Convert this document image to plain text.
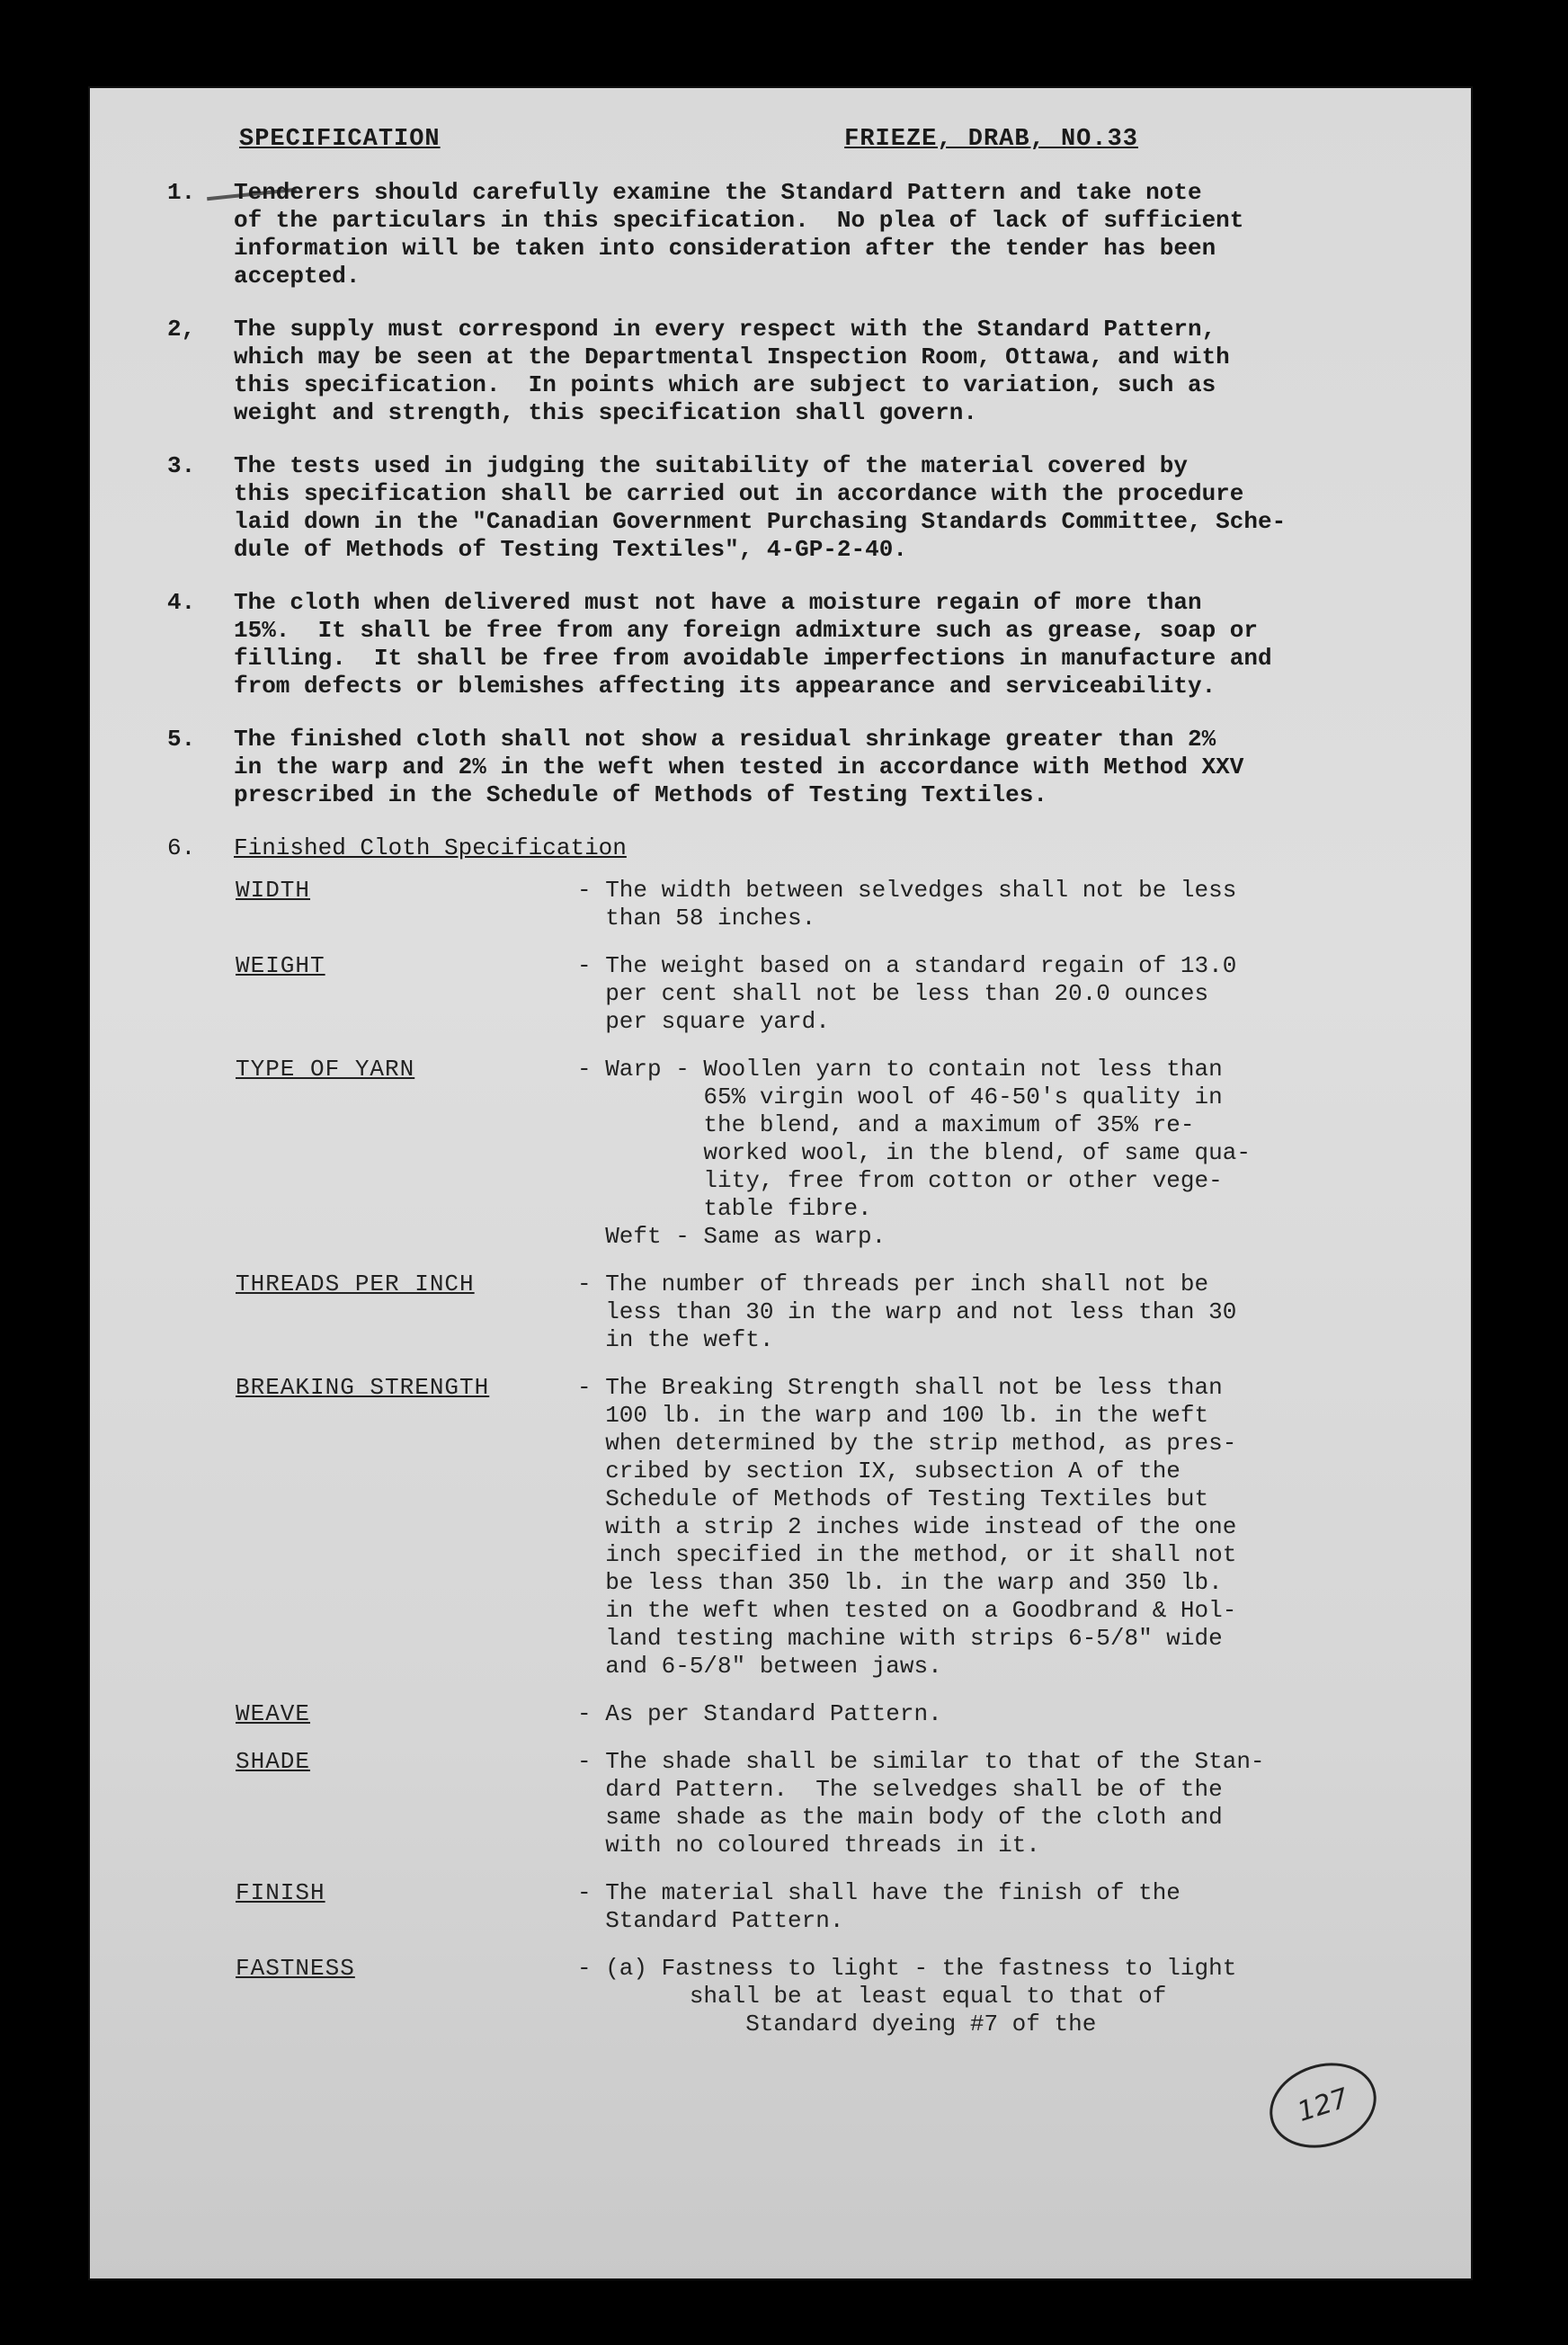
SPECIFICATION	FRIEZE, DRAB, NO.33
1.	Tenderers should carefully examine the Standard Pattern and take note
of the particulars in this specification.  No plea of lack of sufficient
information will be taken into consideration after the tender has been
accepted.
2,	The supply must correspond in every respect with the Standard Pattern,
which may be seen at the Departmental Inspection Room, Ottawa, and with
this specification.  In points which are subject to variation, such as
weight and strength, this specification shall govern.
3.	The tests used in judging the suitability of the material covered by
this specification shall be carried out in accordance with the procedure
laid down in the "Canadian Government Purchasing Standards Committee, Sche-
dule of Methods of Testing Textiles", 4-GP-2-40.
4.	The cloth when delivered must not have a moisture regain of more than
15%.  It shall be free from any foreign admixture such as grease, soap or
filling.  It shall be free from avoidable imperfections in manufacture and
from defects or blemishes affecting its appearance and serviceability.
5.	The finished cloth shall not show a residual shrinkage greater than 2%
in the warp and 2% in the weft when tested in accordance with Method XXV
prescribed in the Schedule of Methods of Testing Textiles.
6.	Finished Cloth Specification
WIDTH	- The width between selvedges shall not be less
than 58 inches.
WEIGHT	- The weight based on a standard regain of 13.0
per cent shall not be less than 20.0 ounces
per square yard.
TYPE OF YARN	- Warp - Woollen yarn to contain not less than
65% virgin wool of 46-50's quality in
the blend, and a maximum of 35% re-
worked wool, in the blend, of same qua-
lity, free from cotton or other vege-
table fibre.
Weft - Same as warp.
THREADS PER INCH	- The number of threads per inch shall not be
less than 30 in the warp and not less than 30
in the weft.
BREAKING STRENGTH	- The Breaking Strength shall not be less than
100 lb. in the warp and 100 lb. in the weft
when determined by the strip method, as pres-
cribed by section IX, subsection A of the
Schedule of Methods of Testing Textiles but
with a strip 2 inches wide instead of the one
inch specified in the method, or it shall not
be less than 350 lb. in the warp and 350 lb.
in the weft when tested on a Goodbrand & Hol-
land testing machine with strips 6-5/8" wide
and 6-5/8" between jaws.
WEAVE	- As per Standard Pattern.
SHADE	- The shade shall be similar to that of the Stan-
dard Pattern.  The selvedges shall be of the
same shade as the main body of the cloth and
with no coloured threads in it.
FINISH	- The material shall have the finish of the
Standard Pattern.
FASTNESS	- (a) Fastness to light - the fastness to light
shall be at least equal to that of
Standard dyeing #7 of the
127
